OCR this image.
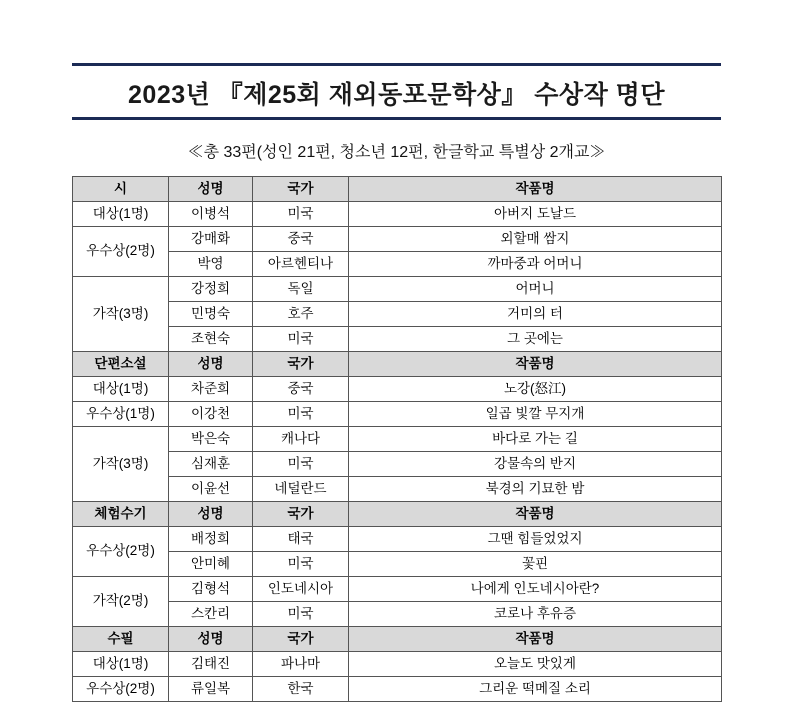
2023년 『제25회 재외동포문학상』 수상작 명단
≪총 33편(성인 21편, 청소년 12편, 한글학교 특별상 2개교≫
시	성명	국가	작품명
대상(1명)	이병석	미국	아버지 도날드
우수상(2명)	강매화	중국	외할매 쌈지
	박영	아르헨티나	까마중과 어머니
가작(3명)	강정희	독일	어머니
	민명숙	호주	거미의 터
	조현숙	미국	그 곳에는
단편소설	성명	국가	작품명
대상(1명)	차준희	중국	노강(怒江)
우수상(1명)	이강천	미국	일곱 빛깔 무지개
가작(3명)	박은숙	캐나다	바다로 가는 길
	심재훈	미국	강물속의 반지
	이윤선	네덜란드	북경의 기묘한 밤
체험수기	성명	국가	작품명
우수상(2명)	배정희	태국	그땐 힘들었었지
	안미혜	미국	꽃핀
가작(2명)	김형석	인도네시아	나에게 인도네시아란?
	스칸리	미국	코로나 후유증
수필	성명	국가	작품명
대상(1명)	김태진	파나마	오늘도 맛있게
우수상(2명)	류일복	한국	그리운 떡메질 소리
